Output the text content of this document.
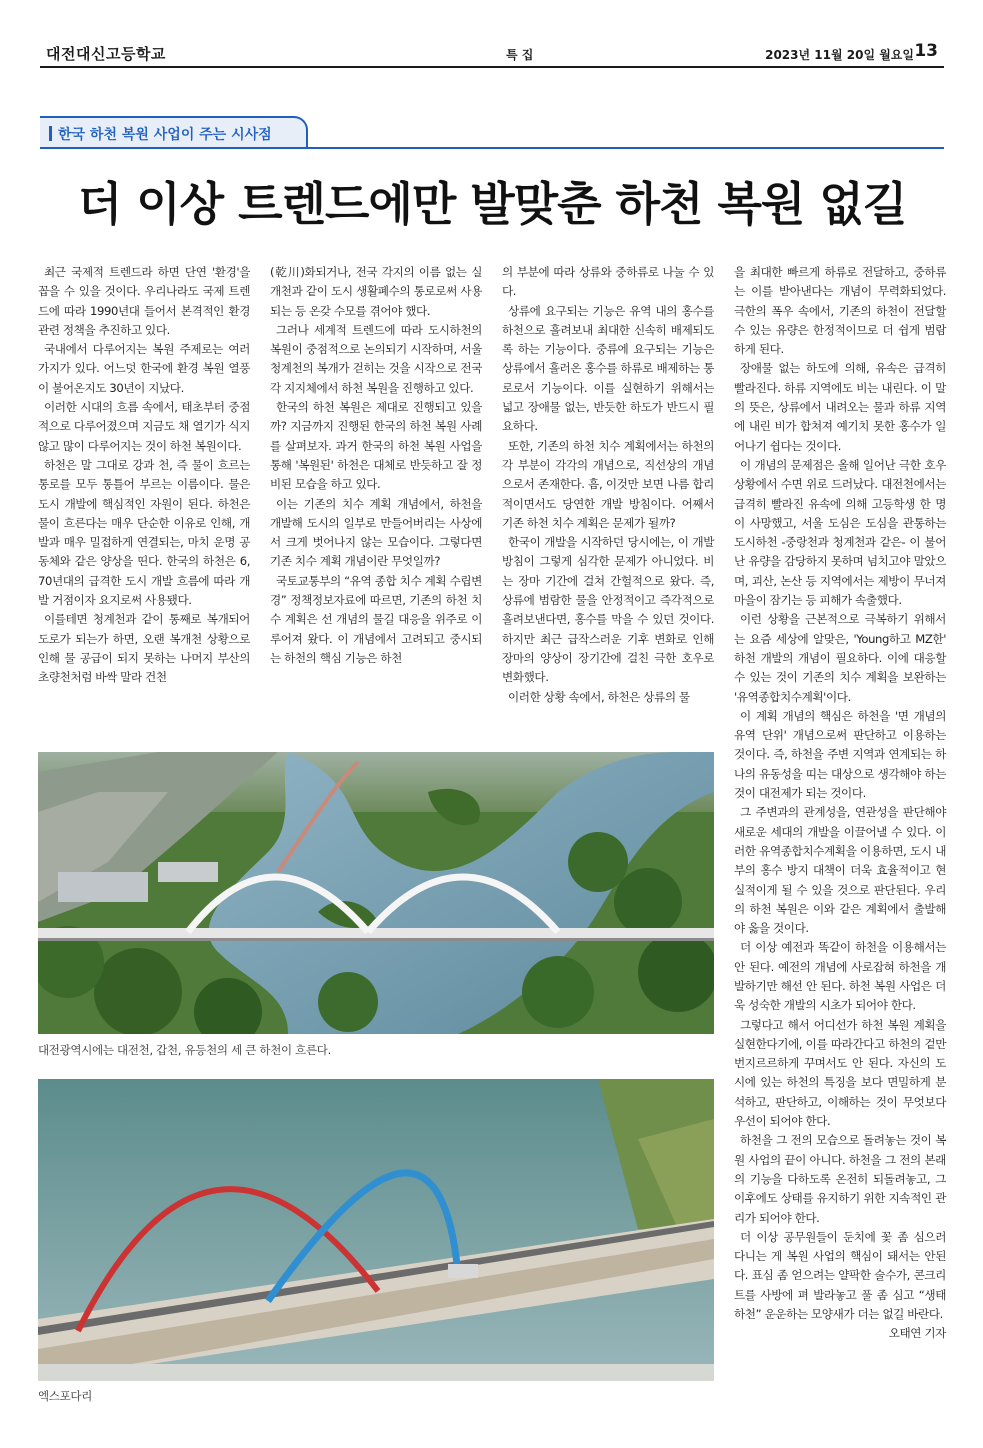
대전대신고등학교	특 집	2023년 11월 20일 월요일 13
한국 하천 복원 사업이 주는 시사점
더 이상 트렌드에만 발맞춘 하천 복원 없길

최근 국제적 트렌드라 하면 단연 '환경'을 꼽을 수 있을 것이다. 우리나라도 국제 트렌드에 따라 1990년대 들어서 본격적인 환경 관련 정책을 추진하고 있다.

국내에서 다루어지는 복원 주제로는 여러 가지가 있다. 어느덧 한국에 환경 복원 열풍이 불어온지도 30년이 지났다.

이러한 시대의 흐름 속에서, 태초부터 중점적으로 다루어졌으며 지금도 채 열기가 식지 않고 많이 다루어지는 것이 하천 복원이다.

하천은 말 그대로 강과 천, 즉 물이 흐르는 통로를 모두 통틀어 부르는 이름이다. 물은 도시 개발에 핵심적인 자원이 된다. 하천은 물이 흐른다는 매우 단순한 이유로 인해, 개발과 매우 밀접하게 연결되는, 마치 운명 공동체와 같은 양상을 띤다. 한국의 하천은 6, 70년대의 급격한 도시 개발 흐름에 따라 개발 거점이자 요지로써 사용됐다.

이를테면 청계천과 같이 통째로 복개되어 도로가 되는가 하면, 오랜 복개천 상황으로 인해 물 공급이 되지 못하는 나머지 부산의 초량천처럼 바싹 말라 건천

(乾川)화되거나, 전국 각지의 이름 없는 실개천과 같이 도시 생활폐수의 통로로써 사용되는 등 온갖 수모를 겪어야 했다.

그러나 세계적 트렌드에 따라 도시하천의 복원이 중점적으로 논의되기 시작하며, 서울 청계천의 복개가 걷히는 것을 시작으로 전국 각 지지체에서 하천 복원을 진행하고 있다.

한국의 하천 복원은 제대로 진행되고 있을까? 지금까지 진행된 한국의 하천 복원 사례를 살펴보자. 과거 한국의 하천 복원 사업을 통해 '복원된' 하천은 대체로 반듯하고 잘 정비된 모습을 하고 있다.

이는 기존의 치수 계획 개념에서, 하천을 개발해 도시의 일부로 만들어버리는 사상에서 크게 벗어나지 않는 모습이다. 그렇다면 기존 치수 계획 개념이란 무엇일까?

국토교통부의 “유역 종합 치수 계획 수립변경” 정책정보자료에 따르면, 기존의 하천 치수 계획은 선 개념의 물길 대응을 위주로 이루어져 왔다. 이 개념에서 고려되고 중시되는 하천의 핵심 기능은 하천

의 부분에 따라 상류와 중하류로 나눌 수 있다.

상류에 요구되는 기능은 유역 내의 홍수를 하천으로 흘려보내 최대한 신속히 배제되도록 하는 기능이다. 중류에 요구되는 기능은 상류에서 흘러온 홍수를 하류로 배제하는 통로로서 기능이다. 이를 실현하기 위해서는 넓고 장애물 없는, 반듯한 하도가 반드시 필요하다.

또한, 기존의 하천 치수 계획에서는 하천의 각 부분이 각각의 개념으로, 직선상의 개념으로서 존재한다. 흠, 이것만 보면 나름 합리적이면서도 당연한 개발 방침이다. 어째서 기존 하천 치수 계획은 문제가 될까?

한국이 개발을 시작하던 당시에는, 이 개발 방침이 그렇게 심각한 문제가 아니었다. 비는 장마 기간에 걸쳐 간헐적으로 왔다. 즉, 상류에 범람한 물을 안정적이고 즉각적으로 흘려보낸다면, 홍수를 막을 수 있던 것이다. 하지만 최근 급작스러운 기후 변화로 인해 장마의 양상이 장기간에 걸친 극한 호우로 변화했다.

이러한 상황 속에서, 하천은 상류의 물

을 최대한 빠르게 하류로 전달하고, 중하류는 이를 받아낸다는 개념이 무력화되었다. 극한의 폭우 속에서, 기존의 하천이 전달할 수 있는 유량은 한정적이므로 더 쉽게 범람하게 된다.

장애물 없는 하도에 의해, 유속은 급격히 빨라진다. 하류 지역에도 비는 내린다. 이 말의 뜻은, 상류에서 내려오는 물과 하류 지역에 내린 비가 합쳐져 예기치 못한 홍수가 일어나기 쉽다는 것이다.

이 개념의 문제점은 올해 일어난 극한 호우 상황에서 수면 위로 드러났다. 대전천에서는 급격히 빨라진 유속에 의해 고등학생 한 명이 사망했고, 서울 도심은 도심을 관통하는 도시하천 -중랑천과 청계천과 같은- 이 불어난 유량을 감당하지 못하며 넘치고야 말았으며, 괴산, 논산 등 지역에서는 제방이 무너져 마을이 잠기는 등 피해가 속출했다.

이런 상황을 근본적으로 극복하기 위해서는 요즘 세상에 알맞은, 'Young하고 MZ한' 하천 개발의 개념이 필요하다. 이에 대응할 수 있는 것이 기존의 치수 계획을 보완하는 '유역종합치수계획'이다.

이 계획 개념의 핵심은 하천을 '면 개념의 유역 단위' 개념으로써 판단하고 이용하는 것이다. 즉, 하천을 주변 지역과 연계되는 하나의 유동성을 띠는 대상으로 생각해야 하는 것이 대전제가 되는 것이다.

그 주변과의 관계성을, 연관성을 판단해야 새로운 세대의 개발을 이끌어낼 수 있다. 이러한 유역종합치수계획을 이용하면, 도시 내부의 홍수 방지 대책이 더욱 효율적이고 현실적이게 될 수 있을 것으로 판단된다. 우리의 하천 복원은 이와 같은 계획에서 출발해야 옳을 것이다.

더 이상 예전과 똑같이 하천을 이용해서는 안 된다. 예전의 개념에 사로잡혀 하천을 개발하기만 해선 안 된다. 하천 복원 사업은 더욱 성숙한 개발의 시초가 되어야 한다.

그렇다고 해서 어디선가 하천 복원 계획을 실현한다기에, 이를 따라간다고 하천의 겉만 번지르르하게 꾸며서도 안 된다. 자신의 도시에 있는 하천의 특징을 보다 면밀하게 분석하고, 판단하고, 이해하는 것이 무엇보다 우선이 되어야 한다.

하천을 그 전의 모습으로 돌려놓는 것이 복원 사업의 끝이 아니다. 하천을 그 전의 본래의 기능을 다하도록 온전히 되돌려놓고, 그 이후에도 상태를 유지하기 위한 지속적인 관리가 되어야 한다.

더 이상 공무원들이 둔치에 꽃 좀 심으러 다니는 게 복원 사업의 핵심이 돼서는 안된다. 표심 좀 얻으려는 얄팍한 술수가, 콘크리트를 사방에 펴 발라놓고 풀 좀 심고 “생태하천” 운운하는 모양새가 더는 없길 바란다.

오태연 기자

대전광역시에는 대전천, 갑천, 유등천의 세 큰 하천이 흐른다.
엑스포다리
